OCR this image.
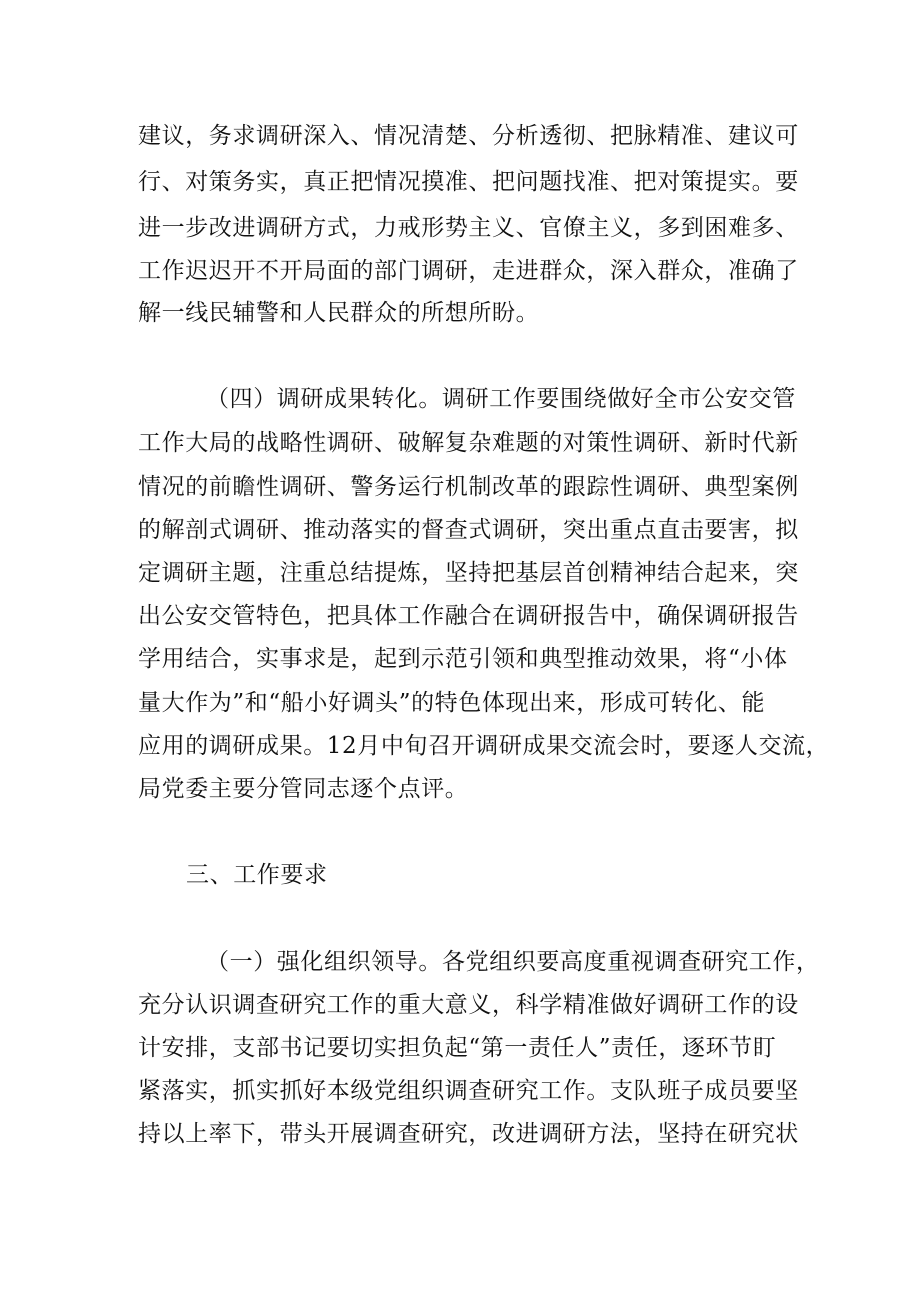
建议，务求调研深入、情况清楚、分析透彻、把脉精准、建议可
行、对策务实，真正把情况摸准、把问题找准、把对策提实。要
进一步改进调研方式，力戒形势主义、官僚主义，多到困难多、
工作迟迟开不开局面的部门调研，走进群众，深入群众，准确了
解一线民辅警和人民群众的所想所盼。
（四）调研成果转化。调研工作要围绕做好全市公安交管
工作大局的战略性调研、破解复杂难题的对策性调研、新时代新
情况的前瞻性调研、警务运行机制改革的跟踪性调研、典型案例
的解剖式调研、推动落实的督查式调研，突出重点直击要害，拟
定调研主题，注重总结提炼，坚持把基层首创精神结合起来，突
出公安交管特色，把具体工作融合在调研报告中，确保调研报告
学用结合，实事求是，起到示范引领和典型推动效果，将“小体
量大作为”和“船小好调头”的特色体现出来，形成可转化、能
应用的调研成果。12月中旬召开调研成果交流会时，要逐人交流，
局党委主要分管同志逐个点评。
三、工作要求
（一）强化组织领导。各党组织要高度重视调查研究工作，
充分认识调查研究工作的重大意义，科学精准做好调研工作的设
计安排，支部书记要切实担负起“第一责任人”责任，逐环节盯
紧落实，抓实抓好本级党组织调查研究工作。支队班子成员要坚
持以上率下，带头开展调查研究，改进调研方法，坚持在研究状
